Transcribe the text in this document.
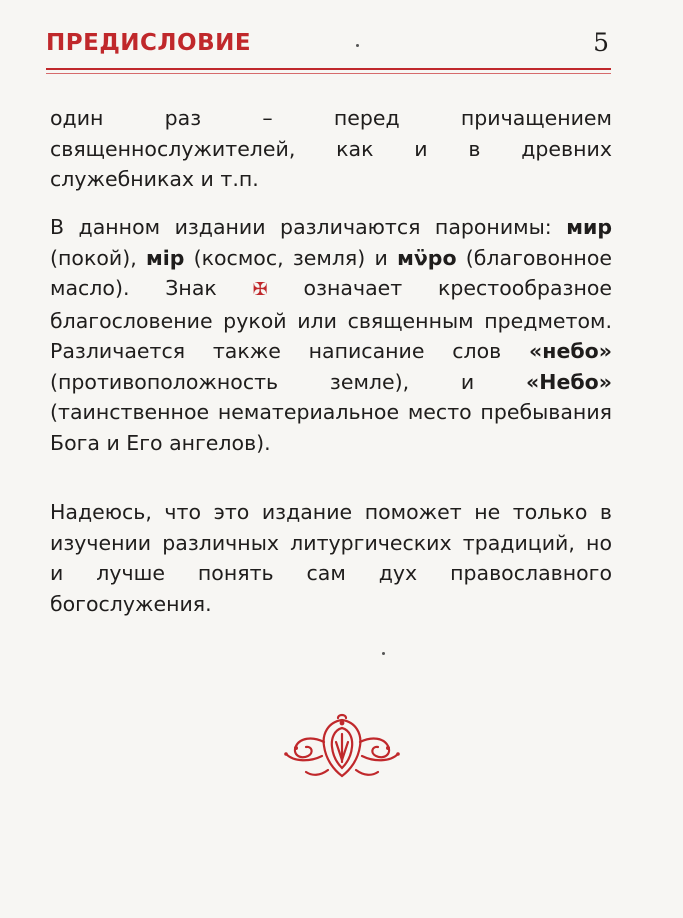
ПРЕДИСЛОВИЕ	5

один раз – перед причащением священнослужителей, как и в древних служебниках и т.п.

В данном издании различаются паронимы: мир (покой), мi̇р (космос, земля) и мν̈ро (благовонное масло). Знак ✠ означает крестообразное благословение рукой или священным предметом. Различается также написание слов «небо» (противоположность земле), и «Небо» (таинственное нематериальное место пребывания Бога и Его ангелов).

Надеюсь, что это издание поможет не только в изучении различных литургических традиций, но и лучше понять сам дух православного богослужения.
